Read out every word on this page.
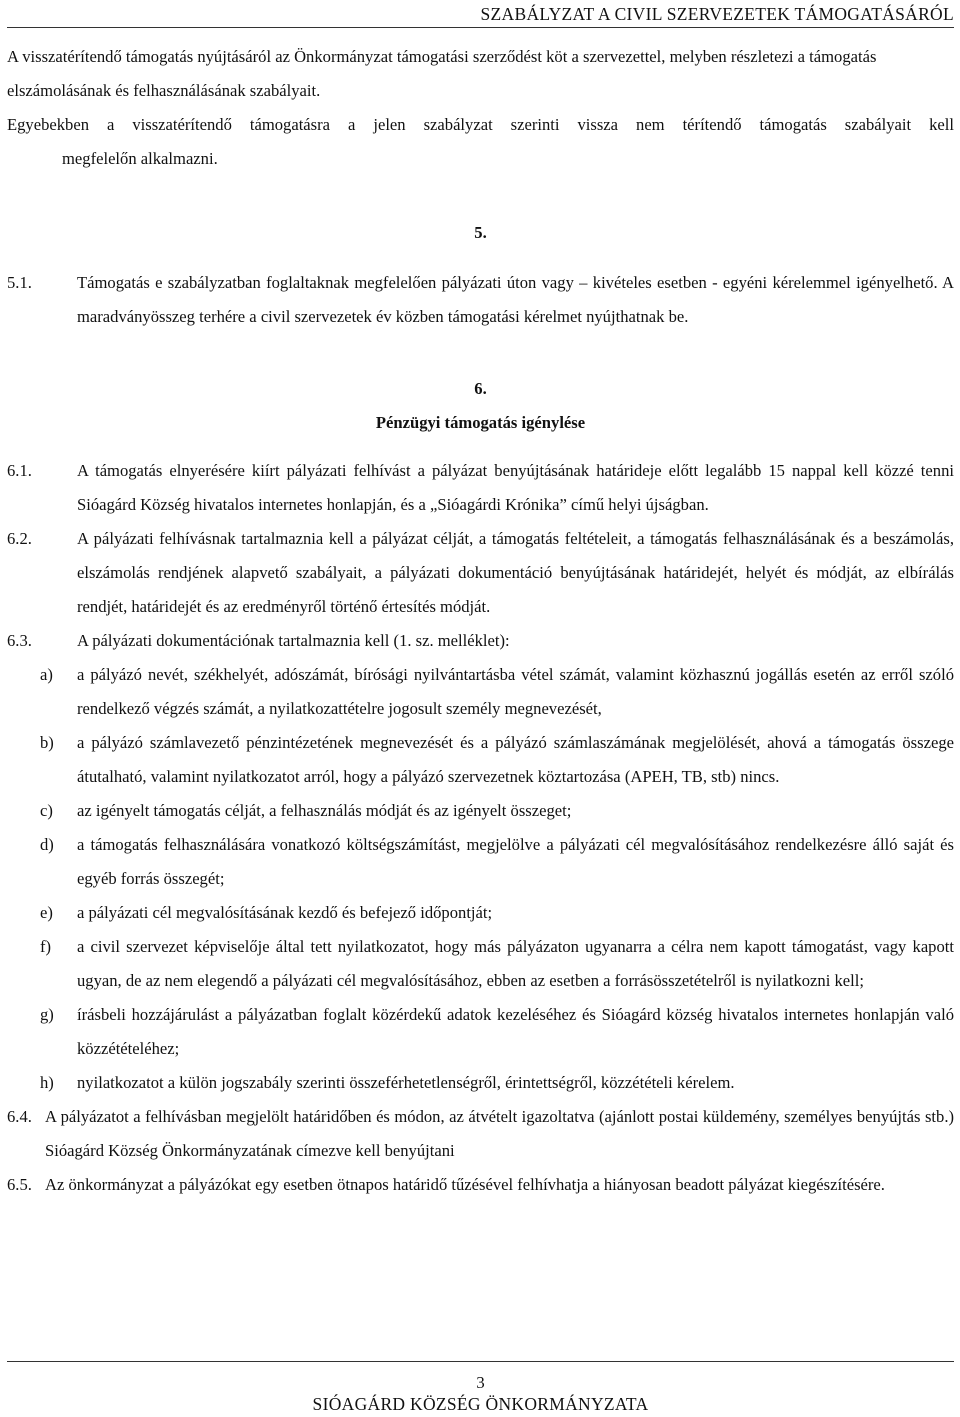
SZABÁLYZAT A CIVIL SZERVEZETEK TÁMOGATÁSÁRÓL

A visszatérítendő támogatás nyújtásáról az Önkormányzat támogatási szerződést köt a szervezettel, melyben részletezi a támogatás elszámolásának és felhasználásának szabályait.

Egyebekben a visszatérítendő támogatásra a jelen szabályzat szerinti vissza nem térítendő támogatás szabályait kell

megfelelőn alkalmazni.

5.

5.1.	Támogatás e szabályzatban foglaltaknak megfelelően pályázati úton vagy – kivételes esetben - egyéni kérelemmel igényelhető. A maradványösszeg terhére a civil szervezetek év közben támogatási kérelmet nyújthatnak be.

6.

Pénzügyi támogatás igénylése

6.1.	A támogatás elnyerésére kiírt pályázati felhívást a pályázat benyújtásának határideje előtt legalább 15 nappal kell közzé tenni Sióagárd Község hivatalos internetes honlapján, és a „Sióagárdi Krónika” című helyi újságban.
6.2.	A pályázati felhívásnak tartalmaznia kell a pályázat célját, a támogatás feltételeit, a támogatás felhasználásának és a beszámolás, elszámolás rendjének alapvető szabályait, a pályázati dokumentáció benyújtásának határidejét, helyét és módját, az elbírálás rendjét, határidejét és az eredményről történő értesítés módját.
6.3.	A pályázati dokumentációnak tartalmaznia kell (1. sz. melléklet):
a)	a pályázó nevét, székhelyét, adószámát, bírósági nyilvántartásba vétel számát, valamint közhasznú jogállás esetén az erről szóló rendelkező végzés számát, a nyilatkozattételre jogosult személy megnevezését,
b)	a pályázó számlavezető pénzintézetének megnevezését és a pályázó számlaszámának megjelölését, ahová a támogatás összege átutalható, valamint nyilatkozatot arról, hogy a pályázó szervezetnek köztartozása (APEH, TB, stb) nincs.
c)	az igényelt támogatás célját, a felhasználás módját és az igényelt összeget;
d)	a támogatás felhasználására vonatkozó költségszámítást, megjelölve a pályázati cél megvalósításához rendelkezésre álló saját és egyéb forrás összegét;
e)	a pályázati cél megvalósításának kezdő és befejező időpontját;
f)	a civil szervezet képviselője által tett nyilatkozatot, hogy más pályázaton ugyanarra a célra nem kapott támogatást, vagy kapott ugyan, de az nem elegendő a pályázati cél megvalósításához, ebben az esetben a forrásösszetételről is nyilatkozni kell;
g)	írásbeli hozzájárulást a pályázatban foglalt közérdekű adatok kezeléséhez és Sióagárd község hivatalos internetes honlapján való közzétételéhez;
h)	nyilatkozatot a külön jogszabály szerinti összeférhetetlenségről, érintettségről, közzétételi kérelem.
6.4. A pályázatot a felhívásban megjelölt határidőben és módon, az átvételt igazoltatva (ajánlott postai küldemény, személyes benyújtás stb.) Sióagárd Község Önkormányzatának címezve kell benyújtani
6.5. Az önkormányzat a pályázókat egy esetben ötnapos határidő tűzésével felhívhatja a hiányosan beadott pályázat kiegészítésére.
3
SIÓAGÁRD KÖZSÉG ÖNKORMÁNYZATA
